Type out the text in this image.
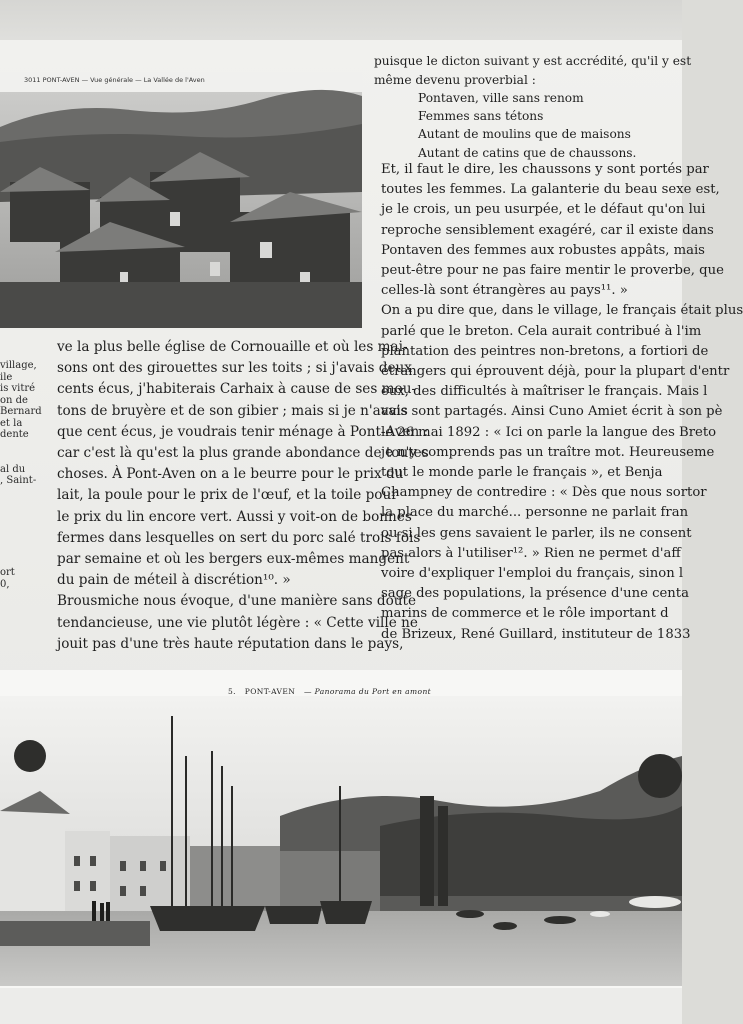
3011 PONT-AVEN — Vue générale — La Vallée de l'Aven
village,
ile
is vitré
on de
Bernard
et la
dente

al du
, Saint-

ort
0,
puisque le dicton suivant y est accrédité, qu'il y est
même devenu proverbial :
Pontaven, ville sans renom
Femmes sans tétons
Autant de moulins que de maisons
Autant de catins que de chaussons.
Et, il faut le dire, les chaussons y sont portés par
toutes les femmes. La galanterie du beau sexe est,
je le crois, un peu usurpée, et le défaut qu'on lui
reproche sensiblement exagéré, car il existe dans
Pontaven des femmes aux robustes appâts, mais
peut-être pour ne pas faire mentir le proverbe, que
celles-là sont étrangères au pays¹¹. »
On a pu dire que, dans le village, le français était plus
parlé que le breton. Cela aurait contribué à l'im
plantation des peintres non-bretons, a fortiori de
étrangers qui éprouvent déjà, pour la plupart d'entr
eux, des difficultés à maîtriser le français. Mais l
avis sont partagés. Ainsi Cuno Amiet écrit à son pè
le 26 mai 1892 : « Ici on parle la langue des Breto
je n'y comprends pas un traître mot. Heureuseme
tout le monde parle le français », et Benja
Champney de contredire : « Dès que nous sortor
la place du marché... personne ne parlait fran
ou si les gens savaient le parler, ils ne consent
pas alors à l'utiliser¹². » Rien ne permet d'aff
voire d'expliquer l'emploi du français, sinon l
sage des populations, la présence d'une centa
marins de commerce et le rôle important d
de Brizeux, René Guillard, instituteur de 1833
ve la plus belle église de Cornouaille et où les mai-
sons ont des girouettes sur les toits ; si j'avais deux
cents écus, j'habiterais Carhaix à cause de ses mou-
tons de bruyère et de son gibier ; mais si je n'avais
que cent écus, je voudrais tenir ménage à Pont-Aven :
car c'est là qu'est la plus grande abondance de toutes
choses. À Pont-Aven on a le beurre pour le prix du
lait, la poule pour le prix de l'œuf, et la toile pour
le prix du lin encore vert. Aussi y voit-on de bonnes
fermes dans lesquelles on sert du porc salé trois fois
par semaine et où les bergers eux-mêmes mangent
du pain de méteil à discrétion¹⁰. »
Brousmiche nous évoque, d'une manière sans doute
tendancieuse, une vie plutôt légère : « Cette ville ne
jouit pas d'une très haute réputation dans le pays,
5. PONT-AVEN — Panorama du Port en amont
